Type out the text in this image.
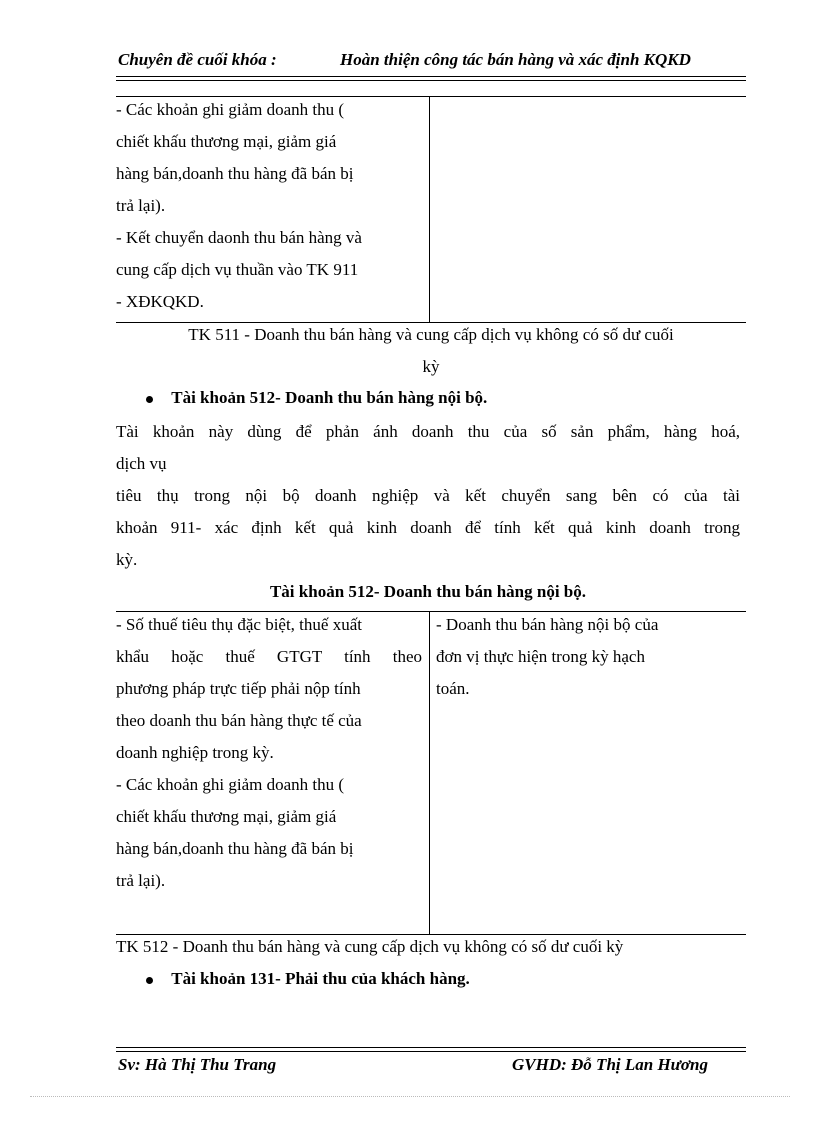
Chuyên đề cuối khóa :	Hoàn thiện công tác bán hàng và xác định KQKD
- Các khoản ghi giảm doanh thu (
chiết khấu thương mại, giảm giá
hàng bán,doanh thu hàng đã bán bị
trả lại).
- Kết chuyển daonh thu bán hàng và
cung cấp dịch vụ thuần vào TK 911
- XĐKQKD.
TK 511 - Doanh thu bán hàng và cung cấp dịch vụ không có số dư cuối
kỳ
Tài khoản 512- Doanh thu bán hàng nội bộ.
Tài khoản này dùng để phản ánh doanh thu của số sản phẩm, hàng hoá,
dịch vụ
tiêu thụ trong nội bộ doanh nghiệp và kết chuyển sang bên có của tài
khoản 911- xác định kết quả kinh doanh để tính kết quả kinh doanh trong
kỳ.
Tài khoản 512- Doanh thu bán hàng nội bộ.
- Số thuế tiêu thụ đặc biệt, thuế xuất
khẩu hoặc thuế GTGT tính theo
phương pháp trực tiếp phải nộp tính
theo doanh thu bán hàng thực tế của
doanh nghiệp trong kỳ.
- Các khoản ghi giảm doanh thu (
chiết khấu thương mại, giảm giá
hàng bán,doanh thu hàng đã bán bị
trả lại).
- Doanh thu bán hàng nội bộ của
đơn vị thực hiện trong kỳ hạch
toán.
TK 512 - Doanh thu bán hàng và cung cấp dịch vụ không có số dư cuối kỳ
Tài khoản 131- Phải thu của khách hàng.
Sv: Hà Thị Thu Trang	GVHD: Đỗ Thị Lan Hương
